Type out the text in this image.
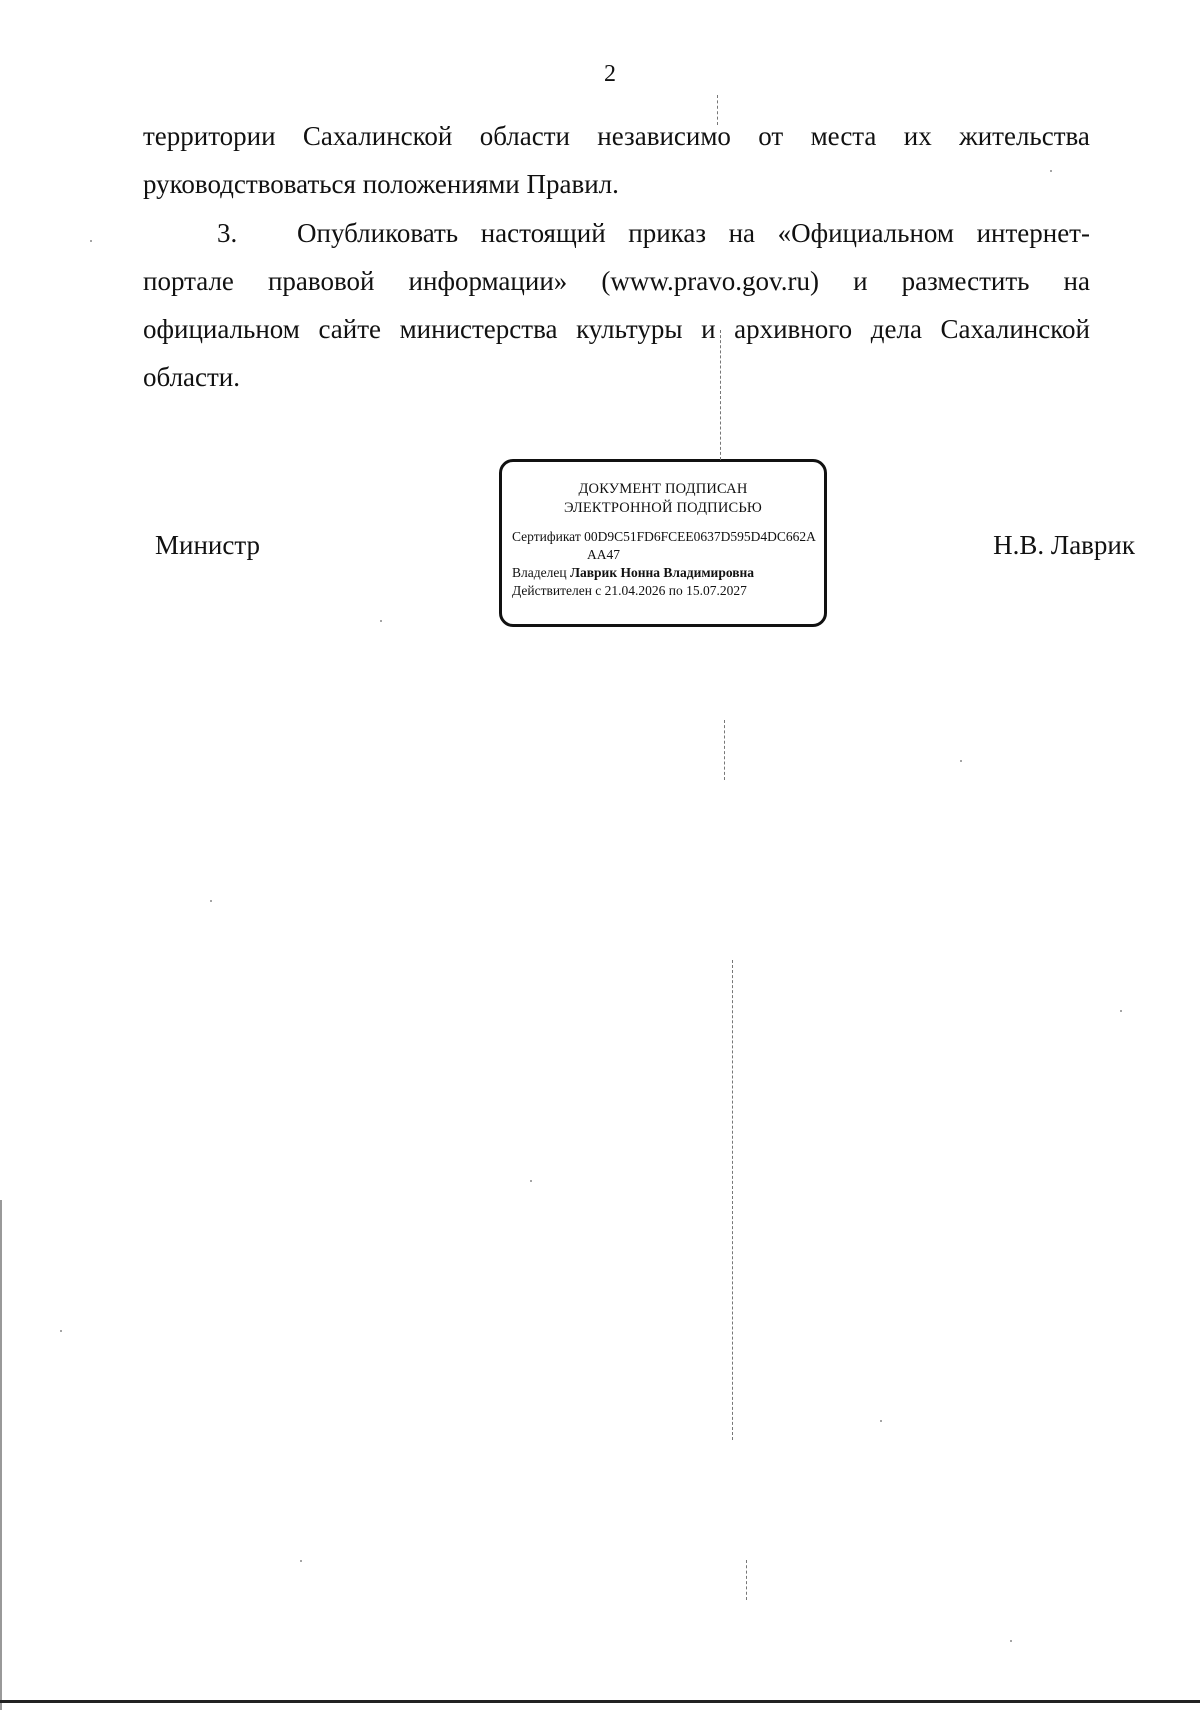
2
территории Сахалинской области независимо от места их жительства
руководствоваться положениями Правил.
3. Опубликовать настоящий приказ на «Официальном интернет-
портале правовой информации» (www.pravo.gov.ru) и разместить на
официальном сайте министерства культуры и архивного дела Сахалинской
области.
Министр	Н.В. Лаврик
ДОКУМЕНТ ПОДПИСАН
ЭЛЕКТРОННОЙ ПОДПИСЬЮ
Сертификат 00D9C51FD6FCEE0637D595D4DC662A
AA47
Владелец Лаврик Нонна Владимировна
Действителен с 21.04.2026 по 15.07.2027
